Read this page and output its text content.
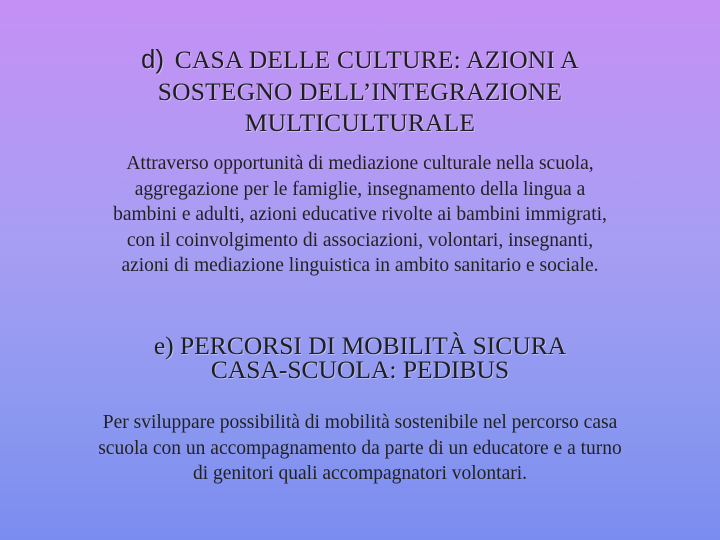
d) CASA DELLE CULTURE: AZIONI A
SOSTEGNO DELL’INTEGRAZIONE
MULTICULTURALE
Attraverso opportunità di mediazione culturale nella scuola,
aggregazione per le famiglie, insegnamento della lingua a
bambini e adulti, azioni educative rivolte ai bambini immigrati,
con il coinvolgimento di associazioni, volontari, insegnanti,
azioni di mediazione linguistica in ambito sanitario e sociale.
e) PERCORSI DI MOBILITÀ SICURA
CASA-SCUOLA: PEDIBUS
Per sviluppare possibilità di mobilità sostenibile nel percorso casa
scuola con un accompagnamento da parte di un educatore e a turno
di genitori quali accompagnatori volontari.
